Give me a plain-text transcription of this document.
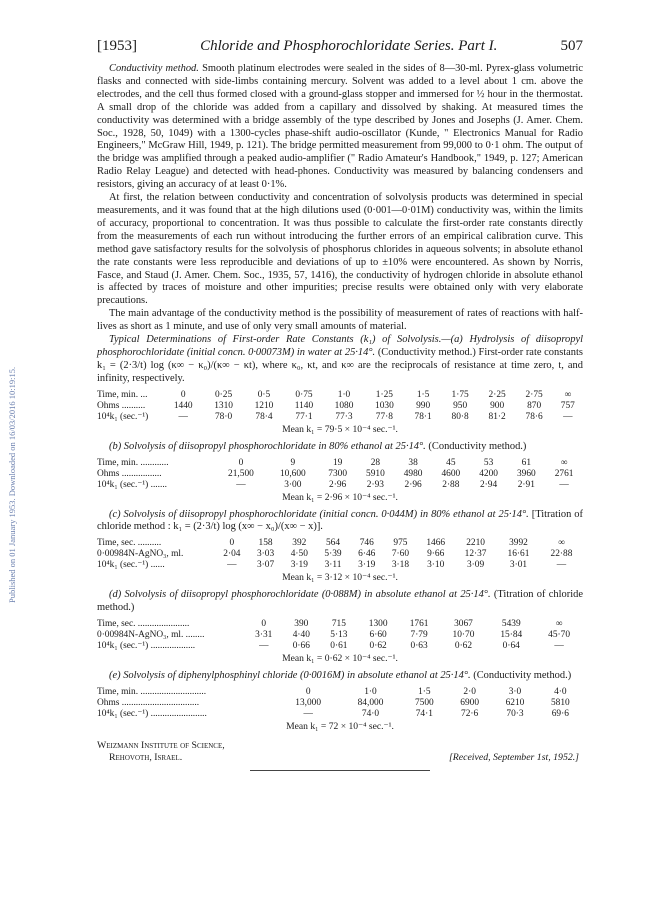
Published on 01 January 1953. Downloaded on 16/03/2016 10:19:15.
[1953]	Chloride and Phosphorochloridate Series. Part I.	507

Conductivity method. Smooth platinum electrodes were sealed in the sides of 8—30-ml. Pyrex-glass volumetric flasks and connected with side-limbs containing mercury. Solvent was added to a level about 1 cm. above the electrodes, and the cell thus formed closed with a ground-glass stopper and immersed for ½ hour in the thermostat. A small drop of the chloride was added from a capillary and dissolved by shaking. At measured times the conductivity was determined with a bridge assembly of the type described by Jones and Josephs (J. Amer. Chem. Soc., 1928, 50, 1049) with a 1300-cycles phase-shift audio-oscillator (Kunde, " Electronics Manual for Radio Engineers," McGraw Hill, 1949, p. 121). The bridge permitted measurement from 99,000 to 0·1 ohm. The output of the bridge was amplified through a peaked audio-amplifier (" Radio Amateur's Handbook," 1949, p. 127; American Radio Relay League) and detected with head-phones. Conductivity was measured by balancing condensers and resistors, giving an accuracy of at least 0·1%.

At first, the relation between conductivity and concentration of solvolysis products was determined in special measurements, and it was found that at the high dilutions used (0·001—0·01M) conductivity was, within the limits of accuracy, proportional to concentration. It was thus possible to calculate the first-order rate constants directly from the measurements of each run without introducing the further errors of an empirical calibration curve. This method gave satisfactory results for the solvolysis of phosphorus chlorides in aqueous solvents; in absolute ethanol the rate constants were less reproducible and deviations of up to ±10% were encountered. As shown by Norris, Fasce, and Staud (J. Amer. Chem. Soc., 1935, 57, 1416), the conductivity of hydrogen chloride in absolute ethanol is affected by traces of moisture and other impurities; precise results were obtained only with very elaborate precautions.

The main advantage of the conductivity method is the possibility of measurement of rates of reactions with half-lives as short as 1 minute, and use of only very small amounts of material.

Typical Determinations of First-order Rate Constants (k₁) of Solvolysis.—(a) Hydrolysis of diisopropyl phosphorochloridate (initial concn. 0·00073M) in water at 25·14°. (Conductivity method.) First-order rate constants k₁ = (2·3/t) log (κ∞ − κ₀)/(κ∞ − κt), where κ₀, κt, and κ∞ are the reciprocals of resistance at time zero, t, and infinity, respectively.

Time, min. ...	0	0·25	0·5	0·75	1·0	1·25	1·5	1·75	2·25	2·75	∞
Ohms ..........	1440	1310	1210	1140	1080	1030	990	950	900	870	757
10⁴k₁ (sec.⁻¹)	—	78·0	78·4	77·1	77·3	77·8	78·1	80·8	81·2	78·6	—
Mean k₁ = 79·5 × 10⁻⁴ sec.⁻¹.

(b) Solvolysis of diisopropyl phosphorochloridate in 80% ethanol at 25·14°. (Conductivity method.)

Time, min. ............	0	9	19	28	38	45	53	61	∞
Ohms .................	21,500	10,600	7300	5910	4980	4600	4200	3960	2761
10⁴k₁ (sec.⁻¹) .......	—	3·00	2·96	2·93	2·96	2·88	2·94	2·91	—
Mean k₁ = 2·96 × 10⁻⁴ sec.⁻¹.

(c) Solvolysis of diisopropyl phosphorochloridate (initial concn. 0·044M) in 80% ethanol at 25·14°. [Titration of chloride method : k₁ = (2·3/t) log (x∞ − x₀)/(x∞ − x)].

Time, sec. ..........	0	158	392	564	746	975	1466	2210	3992	∞
0·00984N-AgNO₃, ml.	2·04	3·03	4·50	5·39	6·46	7·60	9·66	12·37	16·61	22·88
10⁴k₁ (sec.⁻¹) ......	—	3·07	3·19	3·11	3·19	3·18	3·10	3·09	3·01	—
Mean k₁ = 3·12 × 10⁻⁴ sec.⁻¹.

(d) Solvolysis of diisopropyl phosphorochloridate (0·088M) in absolute ethanol at 25·14°. (Titration of chloride method.)

Time, sec. ......................	0	390	715	1300	1761	3067	5439	∞
0·00984N-AgNO₃, ml. ........	3·31	4·40	5·13	6·60	7·79	10·70	15·84	45·70
10⁴k₁ (sec.⁻¹) ...................	—	0·66	0·61	0·62	0·63	0·62	0·64	—
Mean k₁ = 0·62 × 10⁻⁴ sec.⁻¹.

(e) Solvolysis of diphenylphosphinyl chloride (0·0016M) in absolute ethanol at 25·14°. (Conductivity method.)

Time, min. ............................	0	1·0	1·5	2·0	3·0	4·0
Ohms .................................	13,000	84,000	7500	6900	6210	5810
10⁴k₁ (sec.⁻¹) ........................	—	74·0	74·1	72·6	70·3	69·6
Mean k₁ = 72 × 10⁻⁴ sec.⁻¹.
Weizmann Institute of Science,
Rehovoth, Israel.	[Received, September 1st, 1952.]
